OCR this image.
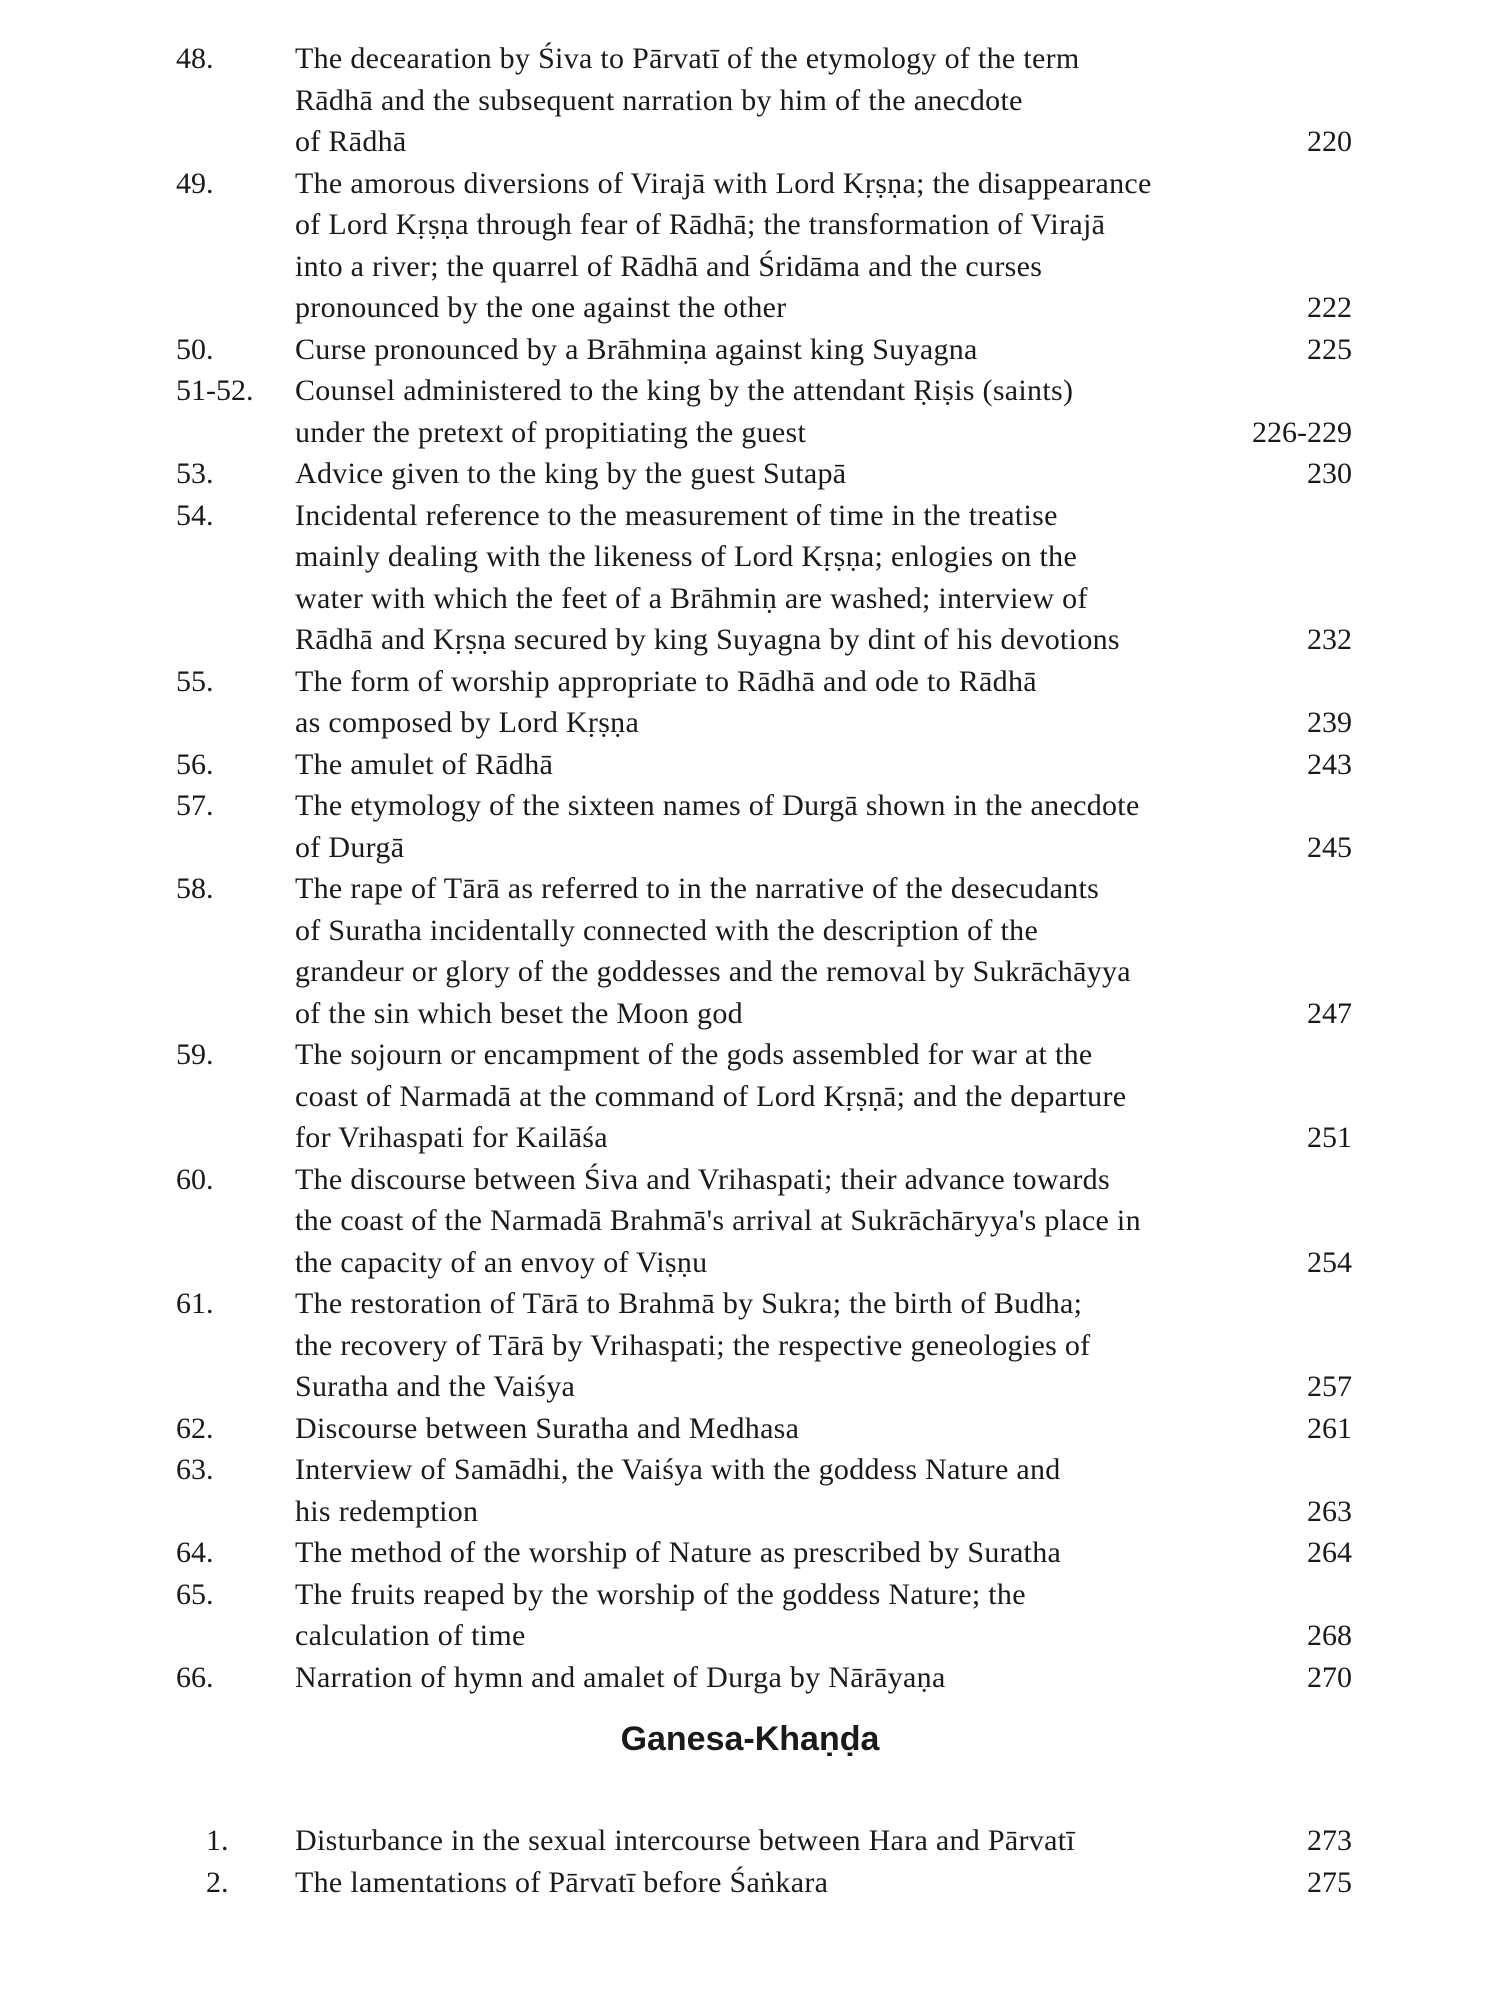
48.	The decearation by Śiva to Pārvatī of the etymology of the term
Rādhā and the subsequent narration by him of the anecdote
of Rādhā	220
49.	The amorous diversions of Virajā with Lord Kṛṣṇa; the disappearance
of Lord Kṛṣṇa through fear of Rādhā; the transformation of Virajā
into a river; the quarrel of Rādhā and Śridāma and the curses
pronounced by the one against the other	222
50.	Curse pronounced by a Brāhmiṇa against king Suyagna	225
51-52.	Counsel administered to the king by the attendant Ṛiṣis (saints)
under the pretext of propitiating the guest	226-229
53.	Advice given to the king by the guest Sutapā	230
54.	Incidental reference to the measurement of time in the treatise
mainly dealing with the likeness of Lord Kṛṣṇa; enlogies on the
water with which the feet of a Brāhmiṇ are washed; interview of
Rādhā and Kṛṣṇa secured by king Suyagna by dint of his devotions	232
55.	The form of worship appropriate to Rādhā and ode to Rādhā
as composed by Lord Kṛṣṇa	239
56.	The amulet of Rādhā	243
57.	The etymology of the sixteen names of Durgā shown in the anecdote
of Durgā	245
58.	The rape of Tārā as referred to in the narrative of the desecudants
of Suratha incidentally connected with the description of the
grandeur or glory of the goddesses and the removal by Sukrāchāyya
of the sin which beset the Moon god	247
59.	The sojourn or encampment of the gods assembled for war at the
coast of Narmadā at the command of Lord Kṛṣṇā; and the departure
for Vrihaspati for Kailāśa	251
60.	The discourse between Śiva and Vrihaspati; their advance towards
the coast of the Narmadā Brahmā's arrival at Sukrāchāryya's place in
the capacity of an envoy of Viṣṇu	254
61.	The restoration of Tārā to Brahmā by Sukra; the birth of Budha;
the recovery of Tārā by Vrihaspati; the respective geneologies of
Suratha and the Vaiśya	257
62.	Discourse between Suratha and Medhasa	261
63.	Interview of Samādhi, the Vaiśya with the goddess Nature and
his redemption	263
64.	The method of the worship of Nature as prescribed by Suratha	264
65.	The fruits reaped by the worship of the goddess Nature; the
calculation of time	268
66.	Narration of hymn and amalet of Durga by Nārāyaṇa	270
Ganesa-Khaṇḍa
1.	Disturbance in the sexual intercourse between Hara and Pārvatī	273
2.	The lamentations of Pārvatī before Śaṅkara	275
